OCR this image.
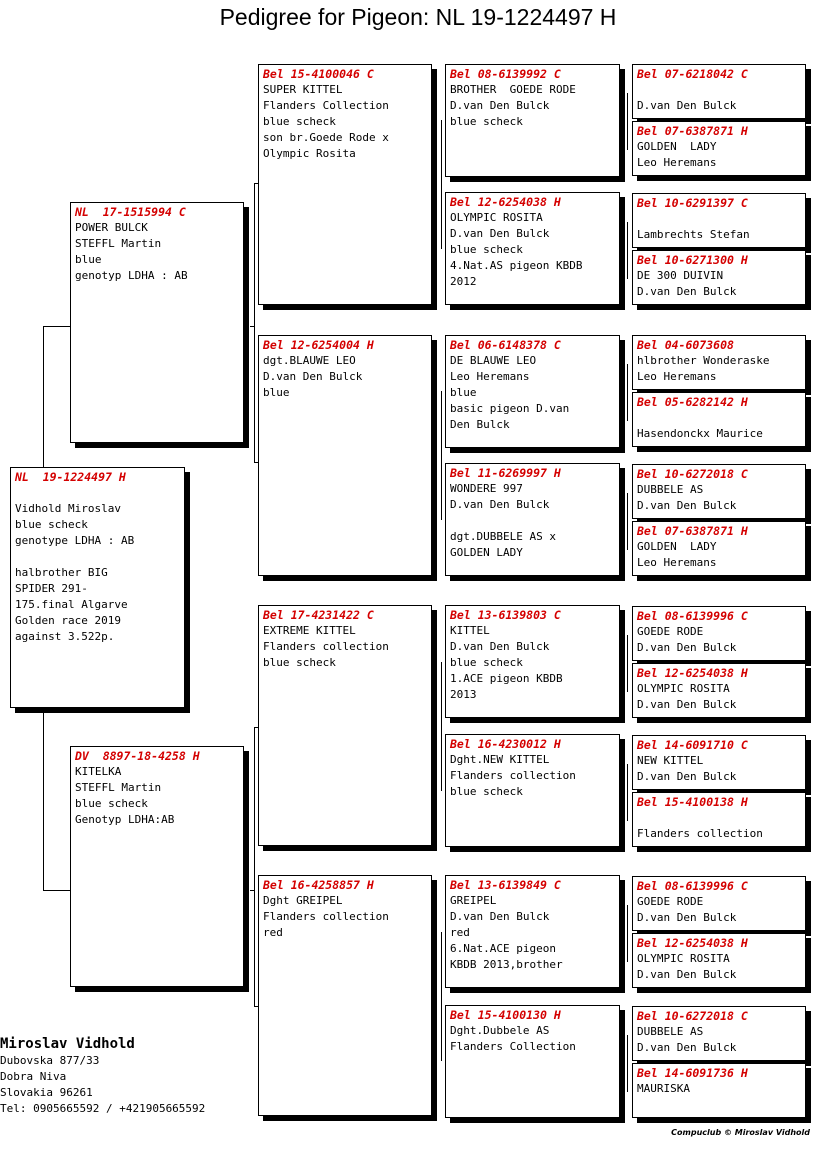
Pedigree for Pigeon: NL 19-1224497 H
NL  19-1224497 H
Vidhold Miroslav
blue scheck
genotype LDHA : AB
halbrother BIG
SPIDER 291-
175.final Algarve
Golden race 2019
against 3.522p.
NL  17-1515994 C
POWER BULCK
STEFFL Martin
blue
genotyp LDHA : AB
DV  8897-18-4258 H
KITELKA
STEFFL Martin
blue scheck
Genotyp LDHA:AB
Bel 15-4100046 C
SUPER KITTEL
Flanders Collection
blue scheck
son br.Goede Rode x
Olympic Rosita
Bel 12-6254004 H
dgt.BLAUWE LEO
D.van Den Bulck
blue
Bel 17-4231422 C
EXTREME KITTEL
Flanders collection
blue scheck
Bel 16-4258857 H
Dght GREIPEL
Flanders collection
red
Bel 08-6139992 C
BROTHER  GOEDE RODE
D.van Den Bulck
blue scheck
Bel 12-6254038 H
OLYMPIC ROSITA
D.van Den Bulck
blue scheck
4.Nat.AS pigeon KBDB
2012
Bel 06-6148378 C
DE BLAUWE LEO
Leo Heremans
blue
basic pigeon D.van
Den Bulck
Bel 11-6269997 H
WONDERE 997
D.van Den Bulck
dgt.DUBBELE AS x
GOLDEN LADY
Bel 13-6139803 C
KITTEL
D.van Den Bulck
blue scheck
1.ACE pigeon KBDB
2013
Bel 16-4230012 H
Dght.NEW KITTEL
Flanders collection
blue scheck
Bel 13-6139849 C
GREIPEL
D.van Den Bulck
red
6.Nat.ACE pigeon
KBDB 2013,brother
Bel 15-4100130 H
Dght.Dubbele AS
Flanders Collection
Bel 07-6218042 C
D.van Den Bulck
Bel 07-6387871 H
GOLDEN  LADY
Leo Heremans
Bel 10-6291397 C
Lambrechts Stefan
Bel 10-6271300 H
DE 300 DUIVIN
D.van Den Bulck
Bel 04-6073608
hlbrother Wonderaske
Leo Heremans
Bel 05-6282142 H
Hasendonckx Maurice
Bel 10-6272018 C
DUBBELE AS
D.van Den Bulck
Bel 07-6387871 H
GOLDEN  LADY
Leo Heremans
Bel 08-6139996 C
GOEDE RODE
D.van Den Bulck
Bel 12-6254038 H
OLYMPIC ROSITA
D.van Den Bulck
Bel 14-6091710 C
NEW KITTEL
D.van Den Bulck
Bel 15-4100138 H
Flanders collection
Bel 08-6139996 C
GOEDE RODE
D.van Den Bulck
Bel 12-6254038 H
OLYMPIC ROSITA
D.van Den Bulck
Bel 10-6272018 C
DUBBELE AS
D.van Den Bulck
Bel 14-6091736 H
MAURISKA
Miroslav Vidhold
Dubovska 877/33
Dobra Niva
Slovakia 96261
Tel: 0905665592 / +421905665592
Compuclub © Miroslav Vidhold
